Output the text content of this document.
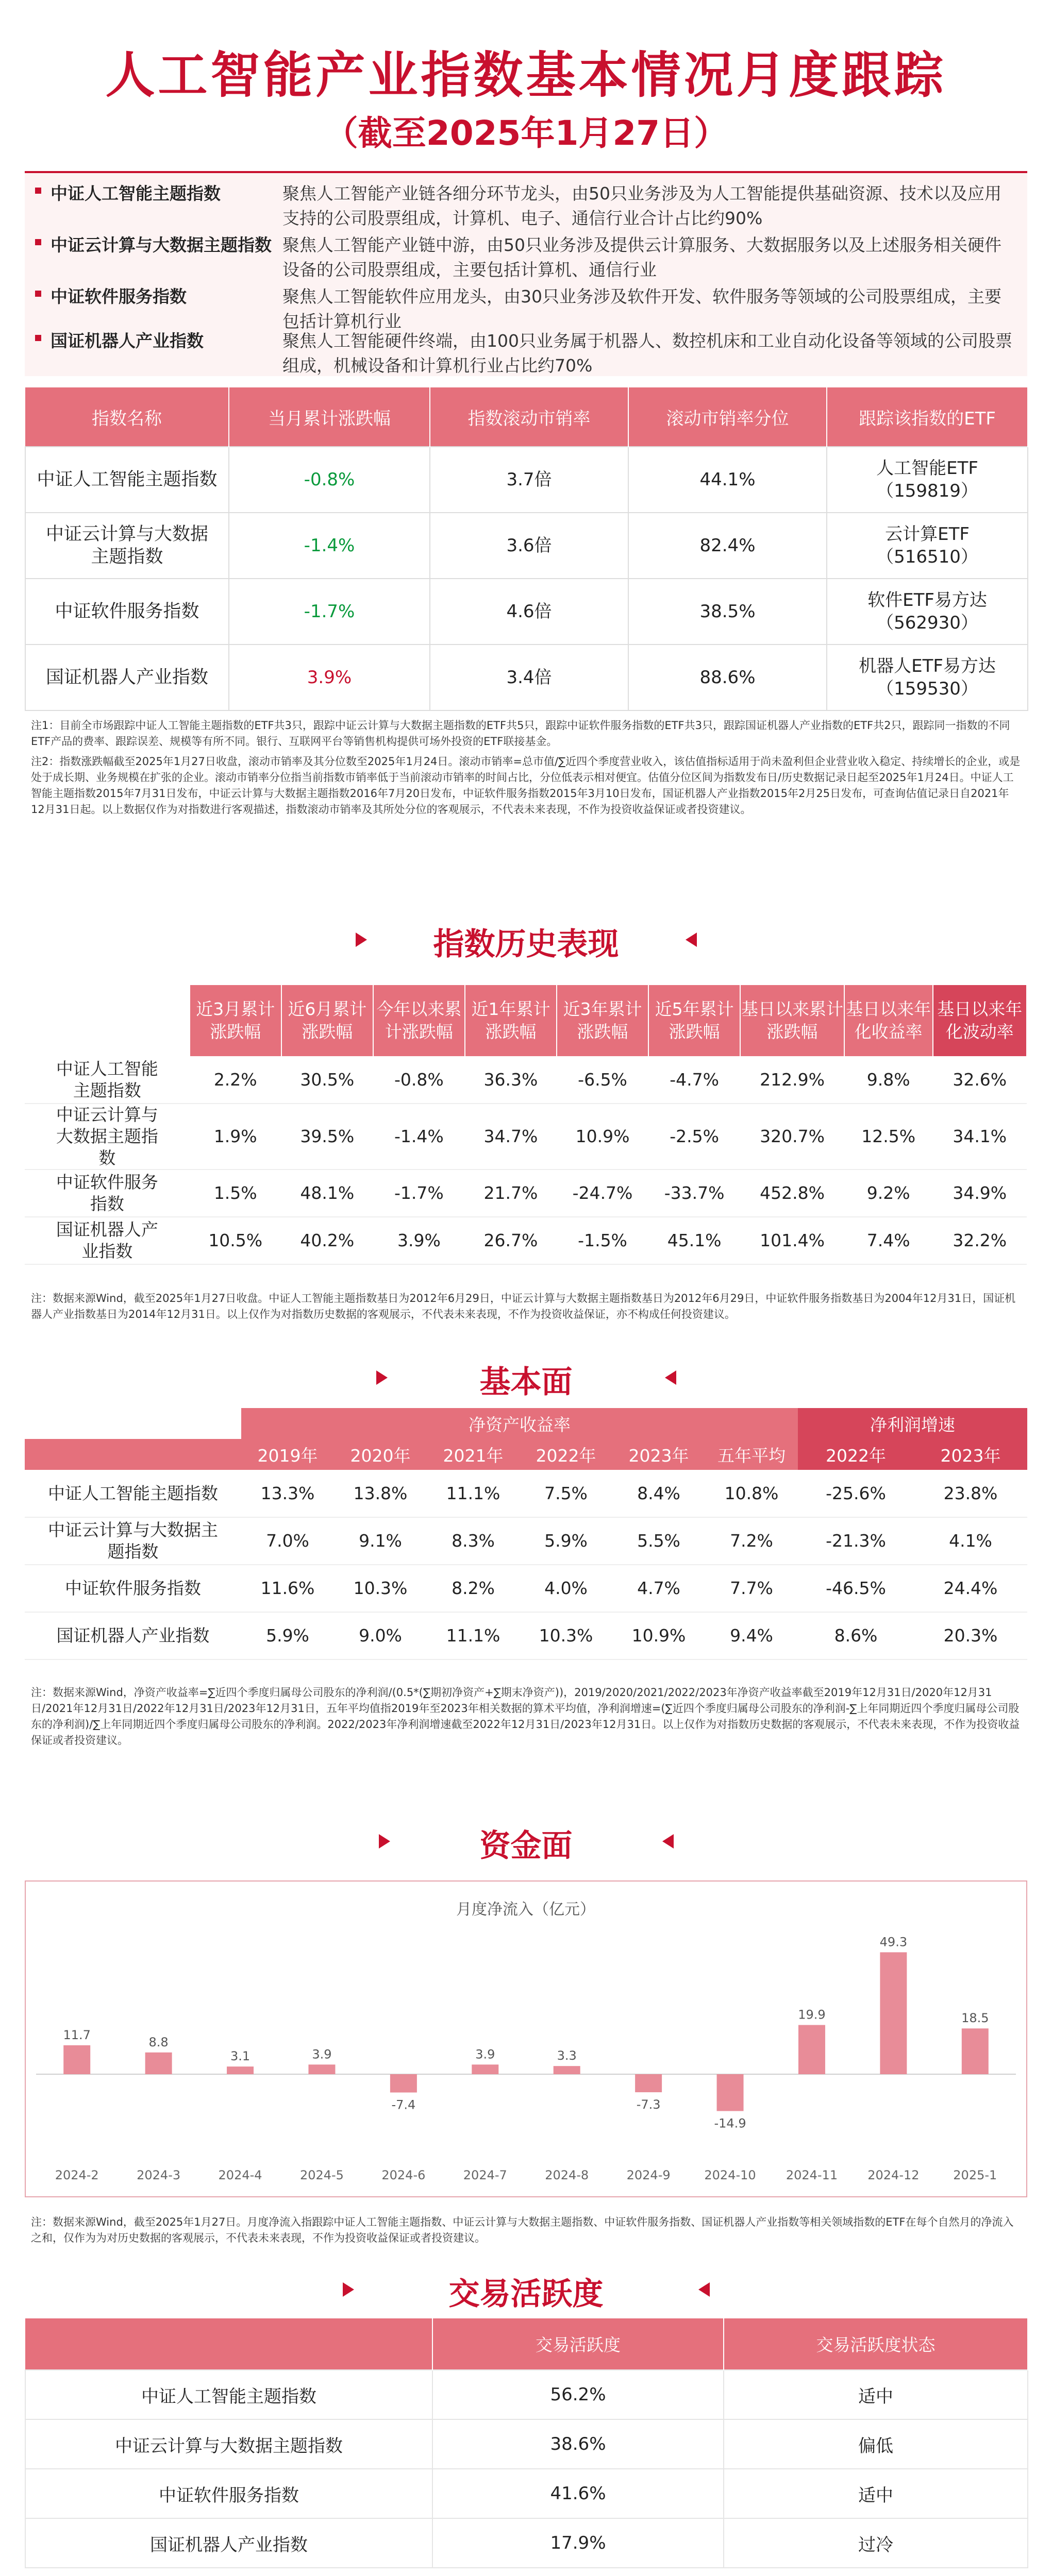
人工智能产业指数基本情况月度跟踪
（截至2025年1月27日）
中证人工智能主题指数	聚焦人工智能产业链各细分环节龙头，由50只业务涉及为人工智能提供基础资源、技术以及应用支持的公司股票组成，计算机、电子、通信行业合计占比约90%
中证云计算与大数据主题指数 聚焦人工智能产业链中游，由50只业务涉及提供云计算服务、大数据服务以及上述服务相关硬件设备的公司股票组成，主要包括计算机、通信行业
中证软件服务指数	聚焦人工智能软件应用龙头，由30只业务涉及软件开发、软件服务等领域的公司股票组成，主要包括计算机行业
国证机器人产业指数	聚焦人工智能硬件终端，由100只业务属于机器人、数控机床和工业自动化设备等领域的公司股票组成，机械设备和计算机行业占比约70%
指数名称	当月累计涨跌幅	指数滚动市销率	滚动市销率分位	跟踪该指数的ETF
中证人工智能主题指数	-0.8%	3.7倍	44.1%	人工智能ETF
（159819）

中证云计算与大数据主题指数	-1.4%	3.6倍	82.4%	云计算ETF
（516510）

中证软件服务指数	-1.7%	4.6倍	38.5%	软件ETF易方达
（562930）

国证机器人产业指数	3.9%	3.4倍	88.6%	机器人ETF易方达
（159530）
注1：目前全市场跟踪中证人工智能主题指数的ETF共3只，跟踪中证云计算与大数据主题指数的ETF共5只，跟踪中证软件服务指数的ETF共3只，跟踪国证机器人产业指数的ETF共2只，跟踪同一指数的不同ETF产品的费率、跟踪误差、规模等有所不同。银行、互联网平台等销售机构提供可场外投资的ETF联接基金。
注2：指数涨跌幅截至2025年1月27日收盘，滚动市销率及其分位数至2025年1月24日。滚动市销率=总市值/∑近四个季度营业收入，该估值指标适用于尚未盈利但企业营业收入稳定、持续增长的企业，或是处于成长期、业务规模在扩张的企业。滚动市销率分位指当前指数市销率低于当前滚动市销率的时间占比，分位低表示相对便宜。估值分位区间为指数发布日/历史数据记录日起至2025年1月24日。中证人工智能主题指数2015年7月31日发布，中证云计算与大数据主题指数2016年7月20日发布，中证软件服务指数2015年3月10日发布，国证机器人产业指数2015年2月25日发布，可查询估值记录日自2021年12月31日起。以上数据仅作为对指数进行客观描述，指数滚动市销率及其所处分位的客观展示，不代表未来表现，不作为投资收益保证或者投资建议。
指数历史表现
	近3月累计涨跌幅	近6月累计涨跌幅	今年以来累计涨跌幅	近1年累计涨跌幅	近3年累计涨跌幅	近5年累计涨跌幅	基日以来累计涨跌幅	基日以来年化收益率	基日以来年化波动率

中证人工智能主题指数	2.2%	30.5%	-0.8%	36.3%	-6.5%	-4.7%	212.9%	9.8%	32.6%

中证云计算与大数据主题指数	1.9%	39.5%	-1.4%	34.7%	10.9%	-2.5%	320.7%	12.5%	34.1%

中证软件服务指数	1.5%	48.1%	-1.7%	21.7%	-24.7%	-33.7%	452.8%	9.2%	34.9%

国证机器人产业指数	10.5%	40.2%	3.9%	26.7%	-1.5%	45.1%	101.4%	7.4%	32.2%
注：数据来源Wind，截至2025年1月27日收盘。中证人工智能主题指数基日为2012年6月29日，中证云计算与大数据主题指数基日为2012年6月29日，中证软件服务指数基日为2004年12月31日，国证机器人产业指数基日为2014年12月31日。以上仅作为对指数历史数据的客观展示，不代表未来表现，不作为投资收益保证，亦不构成任何投资建议。
基本面
	净资产收益率						净利润增速	
	2019年	2020年	2021年	2022年	2023年	五年平均	2022年	2023年
中证人工智能主题指数	13.3%	13.8%	11.1%	7.5%	8.4%	10.8%	-25.6%	23.8%

中证云计算与大数据主题指数	7.0%	9.1%	8.3%	5.9%	5.5%	7.2%	-21.3%	4.1%
中证软件服务指数	11.6%	10.3%	8.2%	4.0%	4.7%	7.7%	-46.5%	24.4%
国证机器人产业指数	5.9%	9.0%	11.1%	10.3%	10.9%	9.4%	8.6%	20.3%
注：数据来源Wind，净资产收益率=∑近四个季度归属母公司股东的净利润/(0.5*(∑期初净资产+∑期末净资产))，2019/2020/2021/2022/2023年净资产收益率截至2019年12月31日/2020年12月31日/2021年12月31日/2022年12月31日/2023年12月31日，五年平均值指2019年至2023年相关数据的算术平均值，净利润增速=(∑近四个季度归属母公司股东的净利润-∑上年同期近四个季度归属母公司股东的净利润)/∑上年同期近四个季度归属母公司股东的净利润。2022/2023年净利润增速截至2022年12月31日/2023年12月31日。以上仅作为对指数历史数据的客观展示，不代表未来表现，不作为投资收益保证或者投资建议。
资金面
月度净流入（亿元）
11.7
2024-2
8.8
2024-3
3.1
2024-4
3.9
2024-5
-7.4
2024-6
3.9
2024-7
3.3
2024-8
-7.3
2024-9
-14.9
2024-10
19.9
2024-11
49.3
2024-12
18.5
2025-1
注：数据来源Wind，截至2025年1月27日。月度净流入指跟踪中证人工智能主题指数、中证云计算与大数据主题指数、中证软件服务指数、国证机器人产业指数等相关领域指数的ETF在每个自然月的净流入之和，仅作为为对历史数据的客观展示，不代表未来表现，不作为投资收益保证或者投资建议。
交易活跃度
	交易活跃度	交易活跃度状态
中证人工智能主题指数	56.2%	适中
中证云计算与大数据主题指数	38.6%	偏低
中证软件服务指数	41.6%	适中
国证机器人产业指数	17.9%	过冷
